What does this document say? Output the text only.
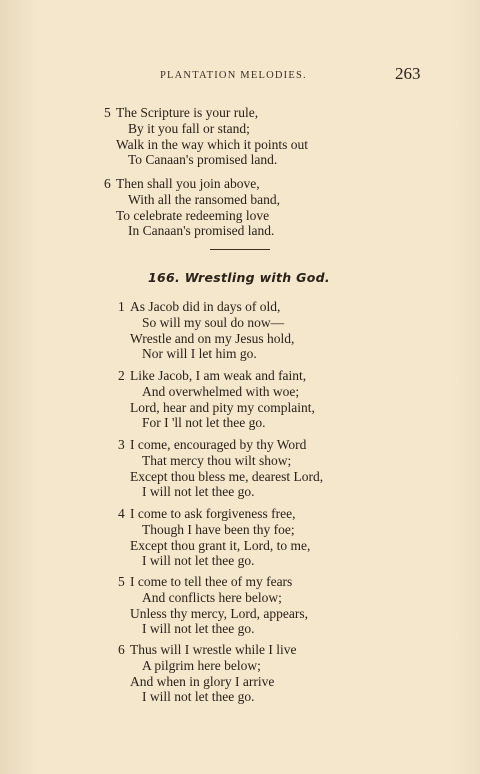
PLANTATION MELODIES.	263
5 The Scripture is your rule,
By it you fall or stand;
Walk in the way which it points out
To Canaan's promised land.
6 Then shall you join above,
With all the ransomed band,
To celebrate redeeming love
In Canaan's promised land.
166. Wrestling with God.
1 As Jacob did in days of old,
So will my soul do now—
Wrestle and on my Jesus hold,
Nor will I let him go.
2 Like Jacob, I am weak and faint,
And overwhelmed with woe;
Lord, hear and pity my complaint,
For I 'll not let thee go.
3 I come, encouraged by thy Word
That mercy thou wilt show;
Except thou bless me, dearest Lord,
I will not let thee go.
4 I come to ask forgiveness free,
Though I have been thy foe;
Except thou grant it, Lord, to me,
I will not let thee go.
5 I come to tell thee of my fears
And conflicts here below;
Unless thy mercy, Lord, appears,
I will not let thee go.
6 Thus will I wrestle while I live
A pilgrim here below;
And when in glory I arrive
I will not let thee go.
